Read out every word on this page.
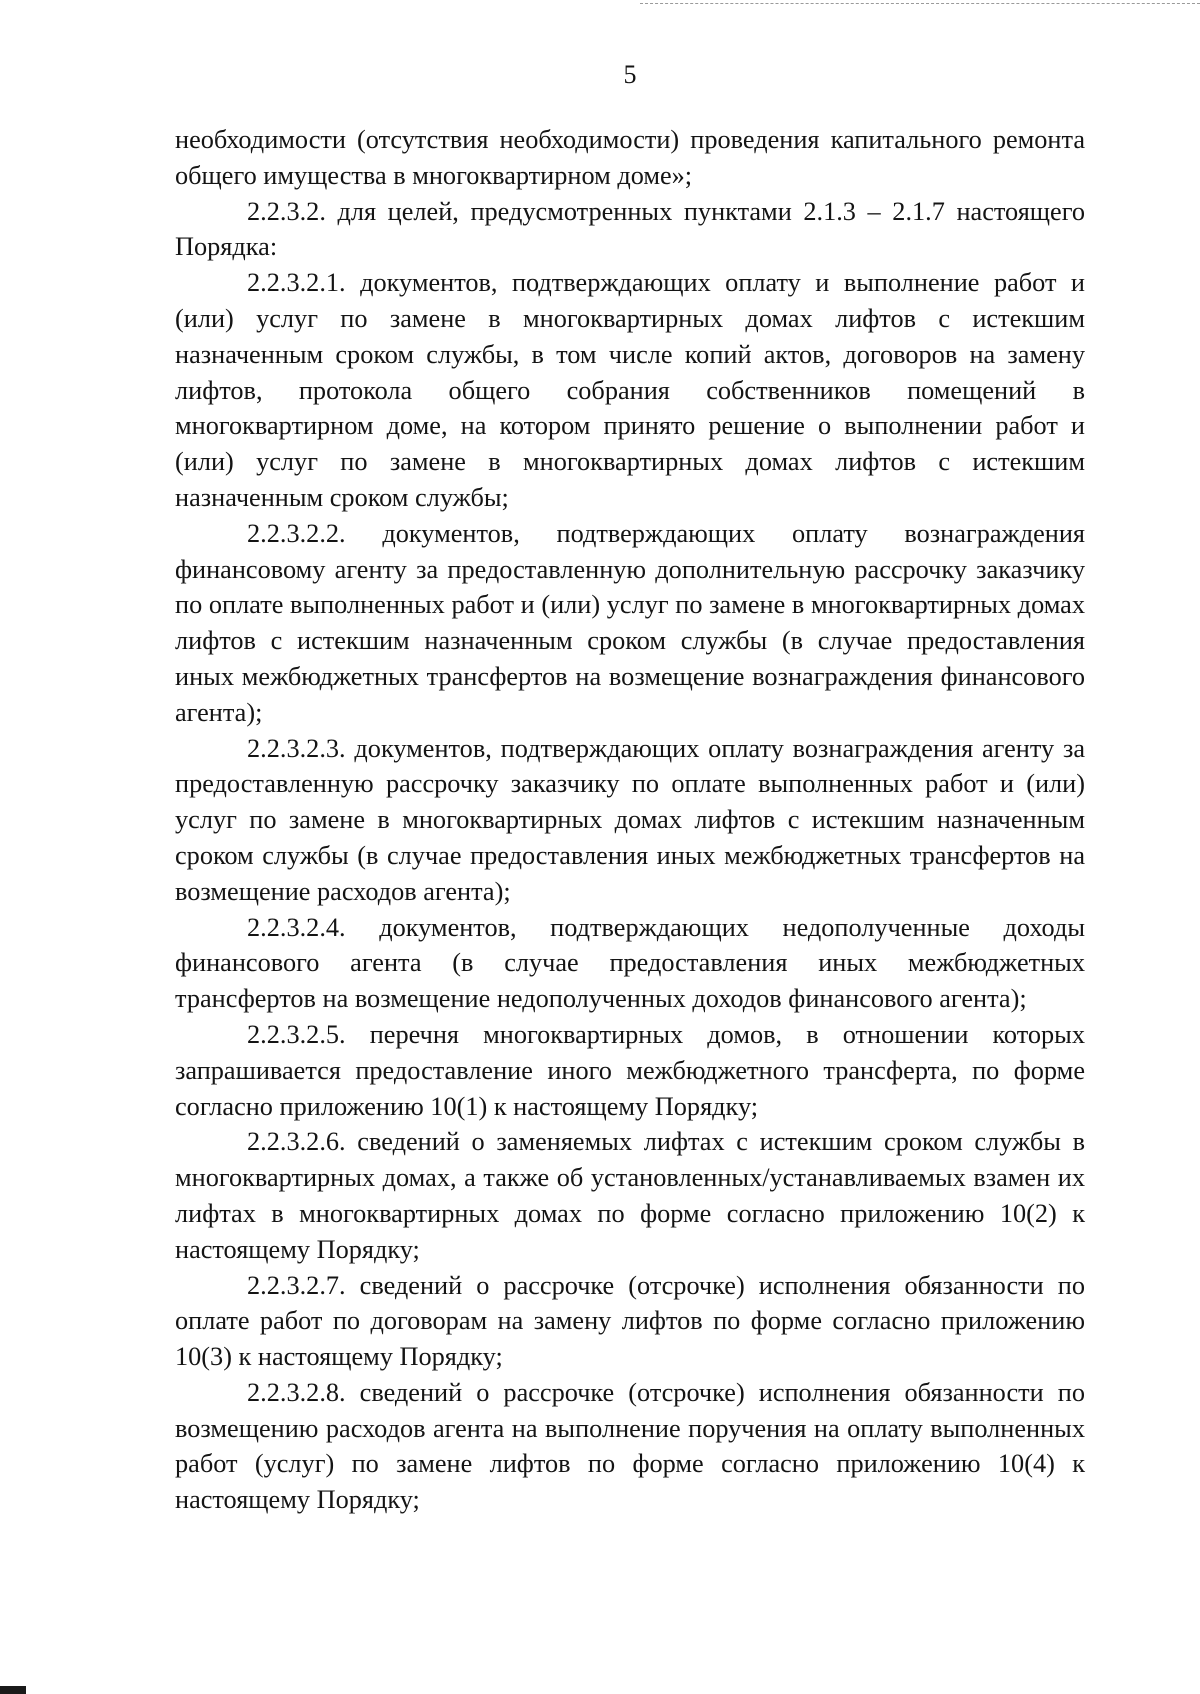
5

необходимости (отсутствия необходимости) проведения капитального ремонта общего имущества в многоквартирном доме»;

2.2.3.2. для целей, предусмотренных пунктами 2.1.3 – 2.1.7 настоящего Порядка:

2.2.3.2.1. документов, подтверждающих оплату и выполнение работ и (или) услуг по замене в многоквартирных домах лифтов с истекшим назначенным сроком службы, в том числе копий актов, договоров на замену лифтов, протокола общего собрания собственников помещений в многоквартирном доме, на котором принято решение о выполнении работ и (или) услуг по замене в многоквартирных домах лифтов с истекшим назначенным сроком службы;

2.2.3.2.2. документов, подтверждающих оплату вознаграждения финансовому агенту за предоставленную дополнительную рассрочку заказчику по оплате выполненных работ и (или) услуг по замене в многоквартирных домах лифтов с истекшим назначенным сроком службы (в случае предоставления иных межбюджетных трансфертов на возмещение вознаграждения финансового агента);

2.2.3.2.3. документов, подтверждающих оплату вознаграждения агенту за предоставленную рассрочку заказчику по оплате выполненных работ и (или) услуг по замене в многоквартирных домах лифтов с истекшим назначенным сроком службы (в случае предоставления иных межбюджетных трансфертов на возмещение расходов агента);

2.2.3.2.4. документов, подтверждающих недополученные доходы финансового агента (в случае предоставления иных межбюджетных трансфертов на возмещение недополученных доходов финансового агента);

2.2.3.2.5. перечня многоквартирных домов, в отношении которых запрашивается предоставление иного межбюджетного трансферта, по форме согласно приложению 10(1) к настоящему Порядку;

2.2.3.2.6. сведений о заменяемых лифтах с истекшим сроком службы в многоквартирных домах, а также об установленных/устанавливаемых взамен их лифтах в многоквартирных домах по форме согласно приложению 10(2) к настоящему Порядку;

2.2.3.2.7. сведений о рассрочке (отсрочке) исполнения обязанности по оплате работ по договорам на замену лифтов по форме согласно приложению 10(3) к настоящему Порядку;

2.2.3.2.8. сведений о рассрочке (отсрочке) исполнения обязанности по возмещению расходов агента на выполнение поручения на оплату выполненных работ (услуг) по замене лифтов по форме согласно приложению 10(4) к настоящему Порядку;
